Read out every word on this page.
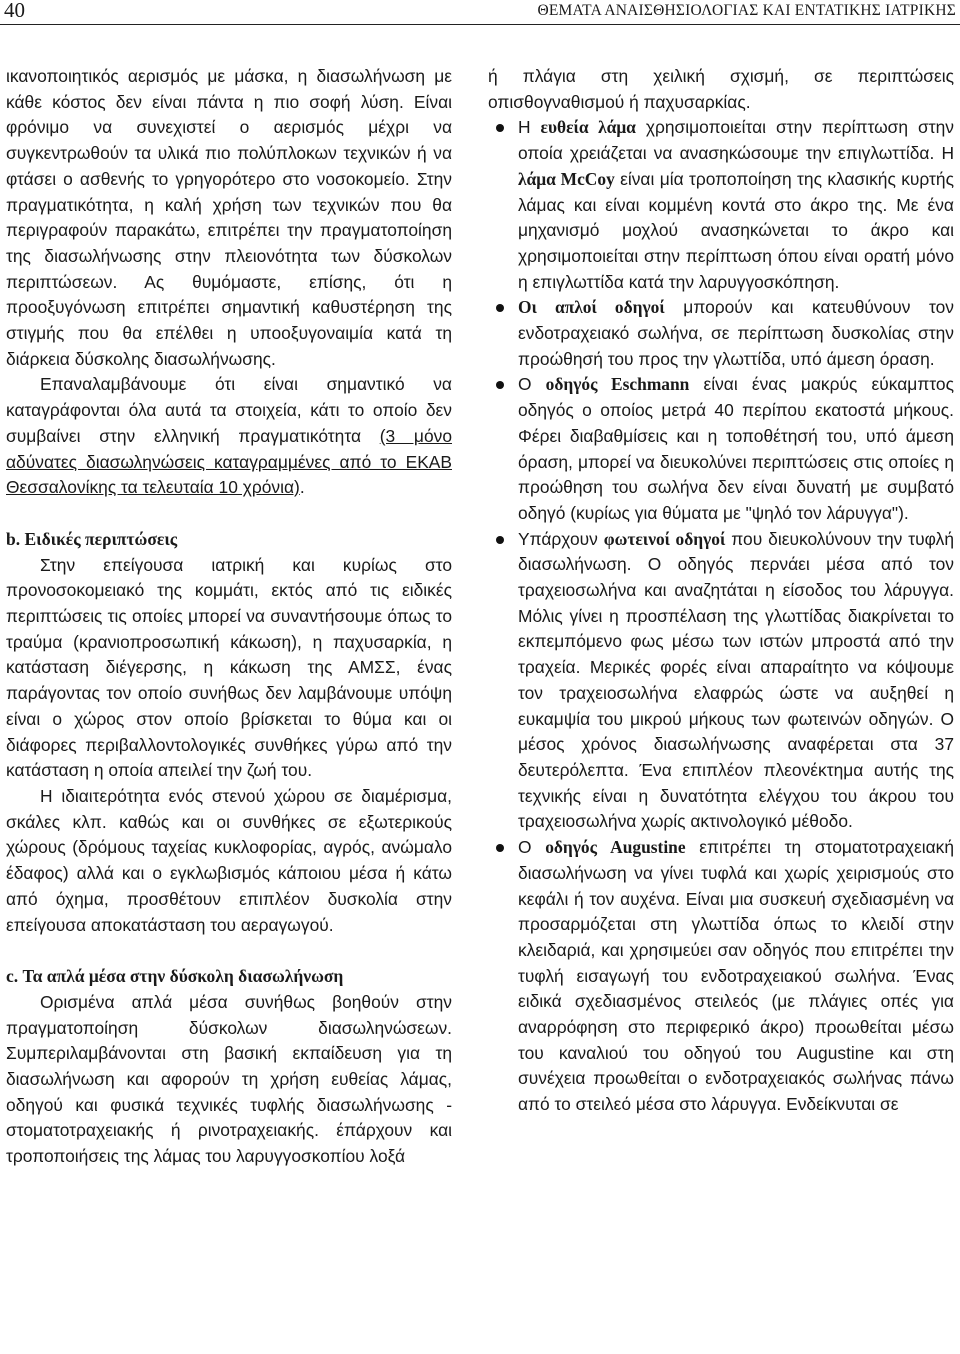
40	ΘΕΜΑΤΑ ΑΝΑΙΣΘΗΣΙΟΛΟΓΙΑΣ ΚΑΙ ΕΝΤΑΤΙΚΗΣ ΙΑΤΡΙΚΗΣ

ικανοποιητικός αερισμός με μάσκα, η διασωλήνωση με κάθε κόστος δεν είναι πάντα η πιο σοφή λύση. Είναι φρόνιμο να συνεχιστεί ο αερισμός μέχρι να συγκεντρωθούν τα υλικά πιο πολύπλοκων τεχνικών ή να φτάσει ο ασθενής το γρηγορότερο στο νοσοκομείο. Στην πραγματικότητα, η καλή χρήση των τεχνικών που θα περιγραφούν παρακάτω, επιτρέπει την πραγματοποίηση της διασωλήνωσης στην πλειονότητα των δύσκολων περιπτώσεων. Ας θυμόμαστε, επίσης, ότι η προοξυγόνωση επιτρέπει σημαντική καθυστέρηση της στιγμής που θα επέλθει η υποοξυγοναιμία κατά τη διάρκεια δύσκολης διασωλήνωσης.

Επαναλαμβάνουμε ότι είναι σημαντικό να καταγράφονται όλα αυτά τα στοιχεία, κάτι το οποίο δεν συμβαίνει στην ελληνική πραγματικότητα (3 μόνο αδύνατες διασωληνώσεις καταγραμμένες από το ΕΚΑΒ Θεσσαλονίκης τα τελευταία 10 χρόνια).

b. Ειδικές περιπτώσεις

Στην επείγουσα ιατρική και κυρίως στο προνοσοκομειακό της κομμάτι, εκτός από τις ειδικές περιπτώσεις τις οποίες μπορεί να συναντήσουμε όπως το τραύμα (κρανιοπροσωπική κάκωση), η παχυσαρκία, η κατάσταση διέγερσης, η κάκωση της ΑΜΣΣ, ένας παράγοντας τον οποίο συνήθως δεν λαμβάνουμε υπόψη είναι ο χώρος στον οποίο βρίσκεται το θύμα και οι διάφορες περιβαλλοντολογικές συνθήκες γύρω από την κατάσταση η οποία απειλεί την ζωή του.

Η ιδιαιτερότητα ενός στενού χώρου σε διαμέρισμα, σκάλες κλπ. καθώς και οι συνθήκες σε εξωτερικούς χώρους (δρόμους ταχείας κυκλοφορίας, αγρός, ανώμαλο έδαφος) αλλά και ο εγκλωβισμός κάποιου μέσα ή κάτω από όχημα, προσθέτουν επιπλέον δυσκολία στην επείγουσα αποκατάσταση του αεραγωγού.

c. Τα απλά μέσα στην δύσκολη διασωλήνωση

Ορισμένα απλά μέσα συνήθως βοηθούν στην πραγματοποίηση δύσκολων διασωληνώσεων. Συμπεριλαμβάνονται στη βασική εκπαίδευση για τη διασωλήνωση και αφορούν τη χρήση ευθείας λάμας, οδηγού και φυσικά τεχνικές τυφλής διασωλήνωσης - στοματοτραχειακής ή ρινοτραχειακής. έπάρχουν και τροποποιήσεις της λάμας του λαρυγγοσκοπίου λοξά

ή πλάγια στη χειλική σχισμή, σε περιπτώσεις οπισθογναθισμού ή παχυσαρκίας.

Η ευθεία λάμα χρησιμοποιείται στην περίπτωση στην οποία χρειάζεται να ανασηκώσουμε την επιγλωττίδα. Η λάμα McCoy είναι μία τροποποίηση της κλασικής κυρτής λάμας και είναι κομμένη κοντά στο άκρο της. Με ένα μηχανισμό μοχλού ανασηκώνεται το άκρο και χρησιμοποιείται στην περίπτωση όπου είναι ορατή μόνο η επιγλωττίδα κατά την λαρυγγοσκόπηση.
Οι απλοί οδηγοί μπορούν και κατευθύνουν τον ενδοτραχειακό σωλήνα, σε περίπτωση δυσκολίας στην προώθησή του προς την γλωττίδα, υπό άμεση όραση.
Ο οδηγός Eschmann είναι ένας μακρύς εύκαμπτος οδηγός ο οποίος μετρά 40 περίπου εκατοστά μήκους. Φέρει διαβαθμίσεις και η τοποθέτησή του, υπό άμεση όραση, μπορεί να διευκολύνει περιπτώσεις στις οποίες η προώθηση του σωλήνα δεν είναι δυνατή με συμβατό οδηγό (κυρίως για θύματα με "ψηλό τον λάρυγγα").
Υπάρχουν φωτεινοί οδηγοί που διευκολύνουν την τυφλή διασωλήνωση. Ο οδηγός περνάει μέσα από τον τραχειοσωλήνα και αναζητάται η είσοδος του λάρυγγα. Μόλις γίνει η προσπέλαση της γλωττίδας διακρίνεται το εκπεμπόμενο φως μέσω των ιστών μπροστά από την τραχεία. Μερικές φορές είναι απαραίτητο να κόψουμε τον τραχειοσωλήνα ελαφρώς ώστε να αυξηθεί η ευκαμψία του μικρού μήκους των φωτεινών οδηγών. Ο μέσος χρόνος διασωλήνωσης αναφέρεται στα 37 δευτερόλεπτα. Ένα επιπλέον πλεονέκτημα αυτής της τεχνικής είναι η δυνατότητα ελέγχου του άκρου του τραχειοσωλήνα χωρίς ακτινολογικό μέθοδο.
Ο οδηγός Augustine επιτρέπει τη στοματοτραχειακή διασωλήνωση να γίνει τυφλά και χωρίς χειρισμούς στο κεφάλι ή τον αυχένα. Είναι μια συσκευή σχεδιασμένη να προσαρμόζεται στη γλωττίδα όπως το κλειδί στην κλειδαριά, και χρησιμεύει σαν οδηγός που επιτρέπει την τυφλή εισαγωγή του ενδοτραχειακού σωλήνα. Ένας ειδικά σχεδιασμένος στειλεός (με πλάγιες οπές για αναρρόφηση στο περιφερικό άκρο) προωθείται μέσω του καναλιού του οδηγού του Augustine και στη συνέχεια προωθείται ο ενδοτραχειακός σωλήνας πάνω από το στειλεό μέσα στο λάρυγγα. Ενδείκνυται σε
